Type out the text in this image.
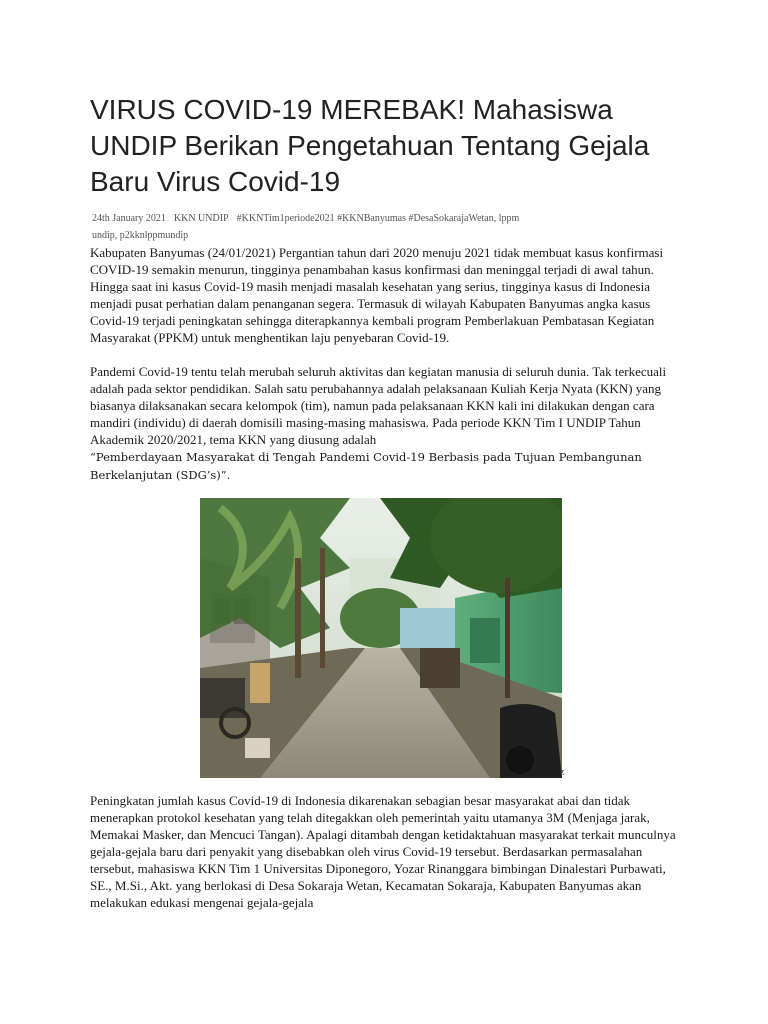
VIRUS COVID-19 MEREBAK! Mahasiswa UNDIP Berikan Pengetahuan Tentang Gejala Baru Virus Covid-19
24th January 2021 KKN UNDIP #KKNTim1periode2021 #KKNBanyumas #DesaSokarajaWetan, lppm
undip, p2kknlppmundip

Kabupaten Banyumas (24/01/2021) Pergantian tahun dari 2020 menuju 2021 tidak membuat kasus konfirmasi COVID-19 semakin menurun, tingginya penambahan kasus konfirmasi dan meninggal terjadi di awal tahun. Hingga saat ini kasus Covid-19 masih menjadi masalah kesehatan yang serius, tingginya kasus di Indonesia menjadi pusat perhatian dalam penanganan segera. Termasuk di wilayah Kabupaten Banyumas angka kasus Covid-19 terjadi peningkatan sehingga diterapkannya kembali program Pemberlakuan Pembatasan Kegiatan Masyarakat (PPKM) untuk menghentikan laju penyebaran Covid-19.

Pandemi Covid-19 tentu telah merubah seluruh aktivitas dan kegiatan manusia di seluruh dunia. Tak terkecuali adalah pada sektor pendidikan. Salah satu perubahannya adalah pelaksanaan Kuliah Kerja Nyata (KKN) yang biasanya dilaksanakan secara kelompok (tim), namun pada pelaksanaan KKN kali ini dilakukan dengan cara mandiri (individu) di daerah domisili masing-masing mahasiswa. Pada periode KKN Tim I UNDIP Tahun Akademik 2020/2021, tema KKN yang diusung adalah
“Pemberdayaan Masyarakat di Tengah Pandemi Covid-19 Berbasis pada Tujuan Pembangunan Berkelanjutan (SDG’s)”.

z

Peningkatan jumlah kasus Covid-19 di Indonesia dikarenakan sebagian besar masyarakat abai dan tidak menerapkan protokol kesehatan yang telah ditegakkan oleh pemerintah yaitu utamanya 3M (Menjaga jarak, Memakai Masker, dan Mencuci Tangan). Apalagi ditambah dengan ketidaktahuan masyarakat terkait munculnya gejala-gejala baru dari penyakit yang disebabkan oleh virus Covid-19 tersebut. Berdasarkan permasalahan tersebut, mahasiswa KKN Tim 1 Universitas Diponegoro, Yozar Rinanggara bimbingan Dinalestari Purbawati, SE., M.Si., Akt. yang berlokasi di Desa Sokaraja Wetan, Kecamatan Sokaraja, Kabupaten Banyumas akan melakukan edukasi mengenai gejala-gejala
